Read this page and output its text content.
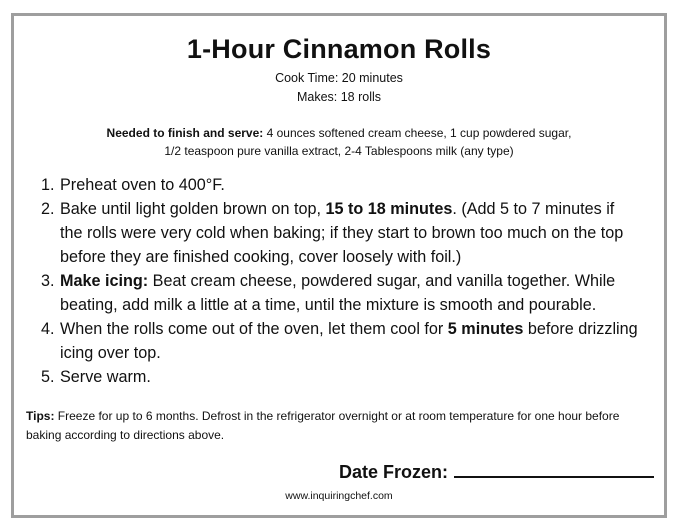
1-Hour Cinnamon Rolls
Cook Time: 20 minutes
Makes: 18 rolls
Needed to finish and serve: 4 ounces softened cream cheese, 1 cup powdered sugar,
1/2 teaspoon pure vanilla extract, 2-4 Tablespoons milk (any type)
1. Preheat oven to 400°F.
2. Bake until light golden brown on top, 15 to 18 minutes. (Add 5 to 7 minutes if the rolls were very cold when baking; if they start to brown too much on the top before they are finished cooking, cover loosely with foil.)
3. Make icing: Beat cream cheese, powdered sugar, and vanilla together. While beating, add milk a little at a time, until the mixture is smooth and pourable.
4. When the rolls come out of the oven, let them cool for 5 minutes before drizzling icing over top.
5. Serve warm.
Tips: Freeze for up to 6 months. Defrost in the refrigerator overnight or at room temperature for one hour before baking according to directions above.
Date Frozen:
www.inquiringchef.com
